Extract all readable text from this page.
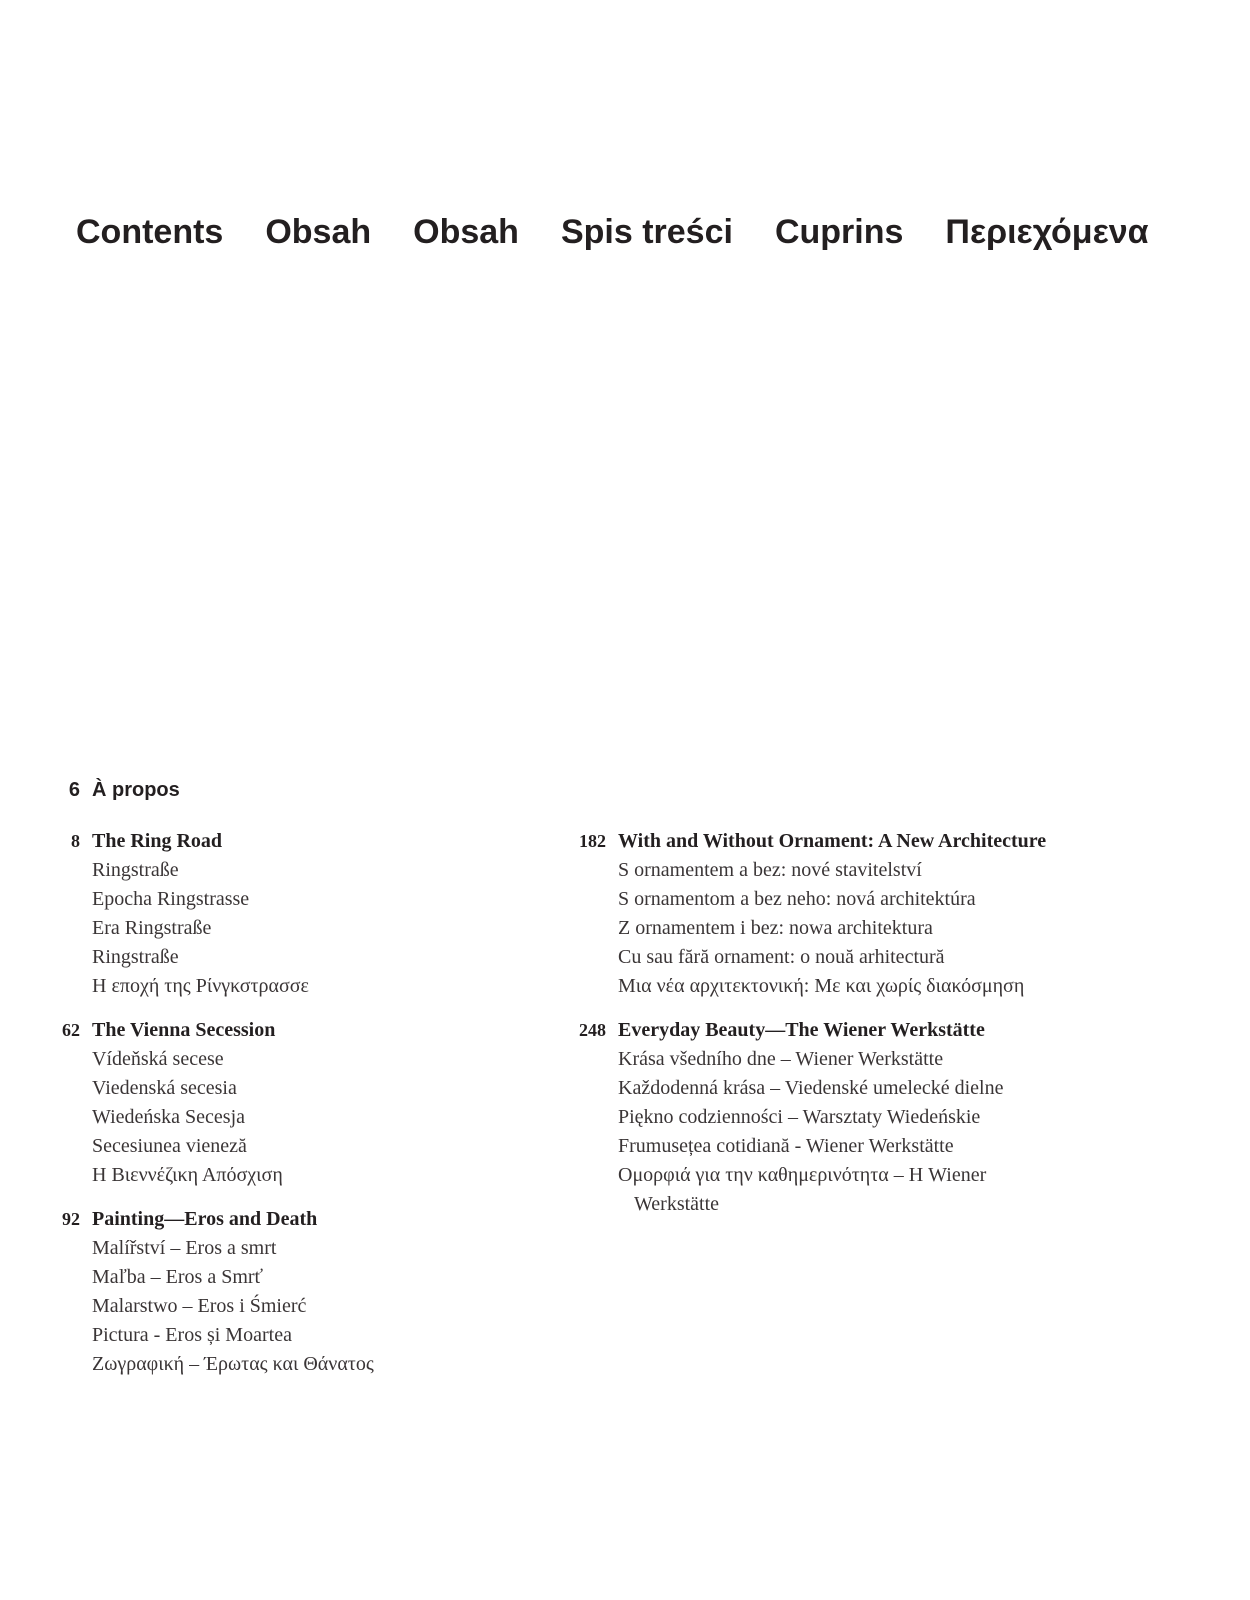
Contents Obsah Obsah Spis treści Cuprins Περιεχόμενα
6 À propos
8 The Ring Road
Ringstraße
Epocha Ringstrasse
Era Ringstraße
Ringstraße
Η εποχή της Ρίνγκστρασσε
62 The Vienna Secession
Vídeňská secese
Viedenská secesia
Wiedeńska Secesja
Secesiunea vieneză
Η Βιεννέζικη Απόσχιση
92 Painting—Eros and Death
Malířství – Eros a smrt
Maľba – Eros a Smrť
Malarstwo – Eros i Śmierć
Pictura - Eros și Moartea
Ζωγραφική – Έρωτας και Θάνατος
182 With and Without Ornament: A New Architecture
S ornamentem a bez: nové stavitelství
S ornamentom a bez neho: nová architektúra
Z ornamentem i bez: nowa architektura
Cu sau fără ornament: o nouă arhitectură
Μια νέα αρχιτεκτονική: Με και χωρίς διακόσμηση
248 Everyday Beauty—The Wiener Werkstätte
Krása všedního dne – Wiener Werkstätte
Každodenná krása – Viedenské umelecké dielne
Piękno codzienności – Warsztaty Wiedeńskie
Frumusețea cotidiană - Wiener Werkstätte
Ομορφιά για την καθημερινότητα – Η Wiener Werkstätte
